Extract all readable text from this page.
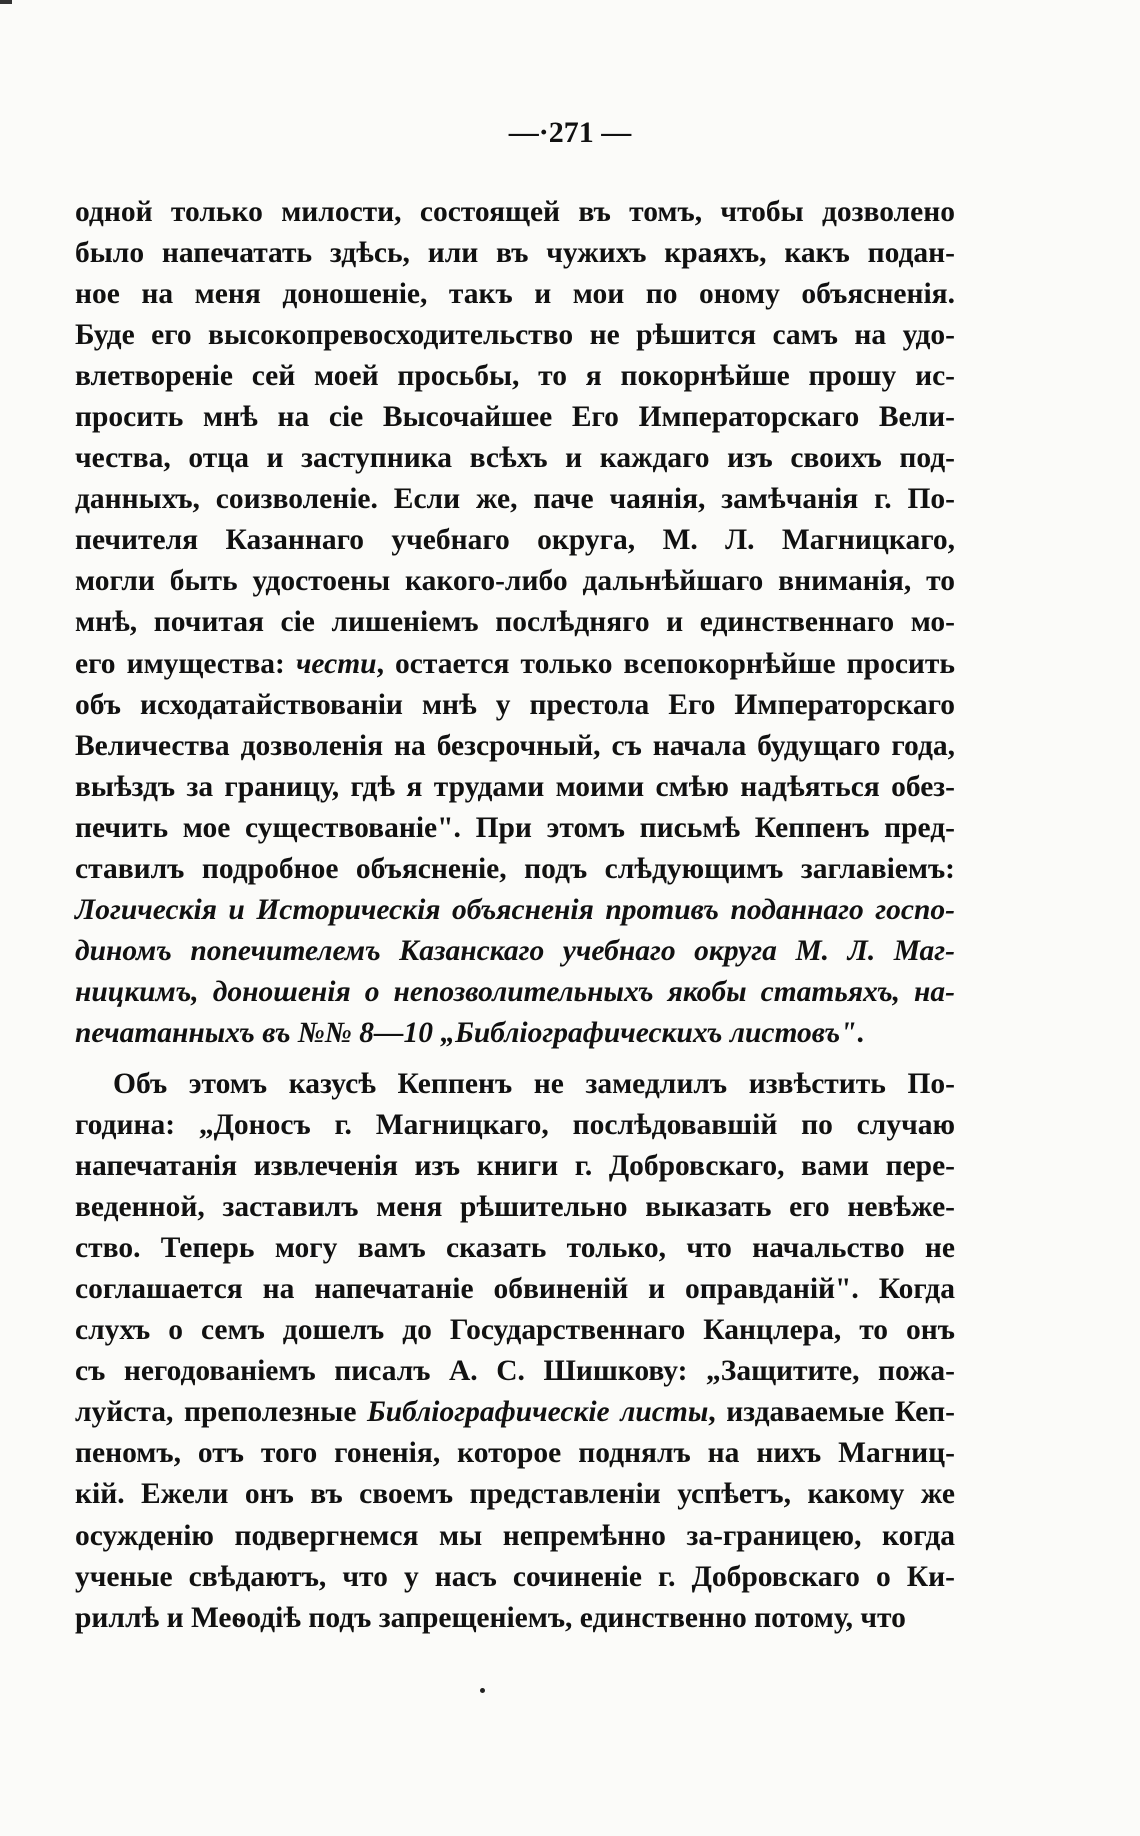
—·271 —
одной только милости, состоящей въ томъ, чтобы дозволено
было напечатать здѣсь, или въ чужихъ краяхъ, какъ подан-
ное на меня доношеніе, такъ и мои по оному объясненія.
Буде его высокопревосходительство не рѣшится самъ на удо-
влетвореніе сей моей просьбы, то я покорнѣйше прошу ис-
просить мнѣ на сіе Высочайшее Его Императорскаго Вели-
чества, отца и заступника всѣхъ и каждаго изъ своихъ под-
данныхъ, соизволеніе. Если же, паче чаянія, замѣчанія г. По-
печителя Казаннаго учебнаго округа, М. Л. Магницкаго,
могли быть удостоены какого-либо дальнѣйшаго вниманія, то
мнѣ, почитая сіе лишеніемъ послѣдняго и единственнаго мо-
его имущества: чести, остается только всепокорнѣйше просить
объ исходатайствованіи мнѣ у престола Его Императорскаго
Величества дозволенія на безсрочный, съ начала будущаго года,
выѣздъ за границу, гдѣ я трудами моими смѣю надѣяться обез-
печить мое существованіе". При этомъ письмѣ Кеппенъ пред-
ставилъ подробное объясненіе, подъ слѣдующимъ заглавіемъ:
Логическія и Историческія объясненія противъ поданнаго госпо-
диномъ попечителемъ Казанскаго учебнаго округа М. Л. Маг-
ницкимъ, доношенія о непозволительныхъ якобы статьяхъ, на-
печатанныхъ въ №№ 8—10 „Библіографическихъ листовъ".
Объ этомъ казусѣ Кеппенъ не замедлилъ извѣстить По-
година: „Доносъ г. Магницкаго, послѣдовавшій по случаю
напечатанія извлеченія изъ книги г. Добровскаго, вами пере-
веденной, заставилъ меня рѣшительно выказать его невѣже-
ство. Теперь могу вамъ сказать только, что начальство не
соглашается на напечатаніе обвиненій и оправданій". Когда
слухъ о семъ дошелъ до Государственнаго Канцлера, то онъ
съ негодованіемъ писалъ А. С. Шишкову: „Защитите, пожа-
луйста, преполезные Библіографическіе листы, издаваемые Кеп-
пеномъ, отъ того гоненія, которое поднялъ на нихъ Магниц-
кій. Ежели онъ въ своемъ представленіи успѣетъ, какому же
осужденію подвергнемся мы непремѣнно за-границею, когда
ученые свѣдаютъ, что у насъ сочиненіе г. Добровскаго о Ки-
риллѣ и Меѳодіѣ подъ запрещеніемъ, единственно потому, что
